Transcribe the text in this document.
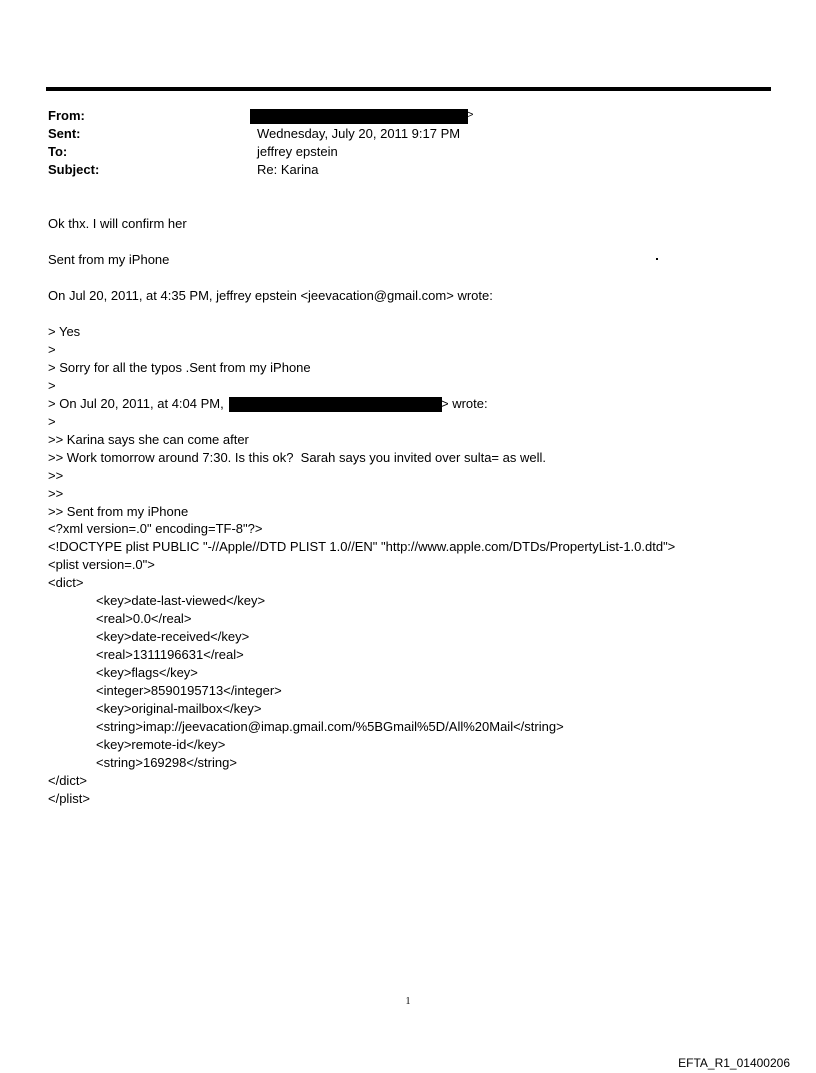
From:	>
Sent:	Wednesday, July 20, 2011 9:17 PM
To:	jeffrey epstein
Subject:	Re: Karina
Ok thx. I will confirm her
Sent from my iPhone
On Jul 20, 2011, at 4:35 PM, jeffrey epstein <jeevacation@gmail.com> wrote:
> Yes
>
> Sorry for all the typos .Sent from my iPhone
>
> On Jul 20, 2011, at 4:04 PM,	> wrote:
>
>> Karina says she can come after
>> Work tomorrow around 7:30. Is this ok?  Sarah says you invited over sulta= as well.
>>
>>
>> Sent from my iPhone
<?xml version=.0" encoding=TF-8"?>
<!DOCTYPE plist PUBLIC "-//Apple//DTD PLIST 1.0//EN" "http://www.apple.com/DTDs/PropertyList-1.0.dtd">
<plist version=.0">
<dict>
<key>date-last-viewed</key>
<real>0.0</real>
<key>date-received</key>
<real>1311196631</real>
<key>flags</key>
<integer>8590195713</integer>
<key>original-mailbox</key>
<string>imap://jeevacation@imap.gmail.com/%5BGmail%5D/All%20Mail</string>
<key>remote-id</key>
<string>169298</string>
</dict>
</plist>
1
EFTA_R1_01400206
